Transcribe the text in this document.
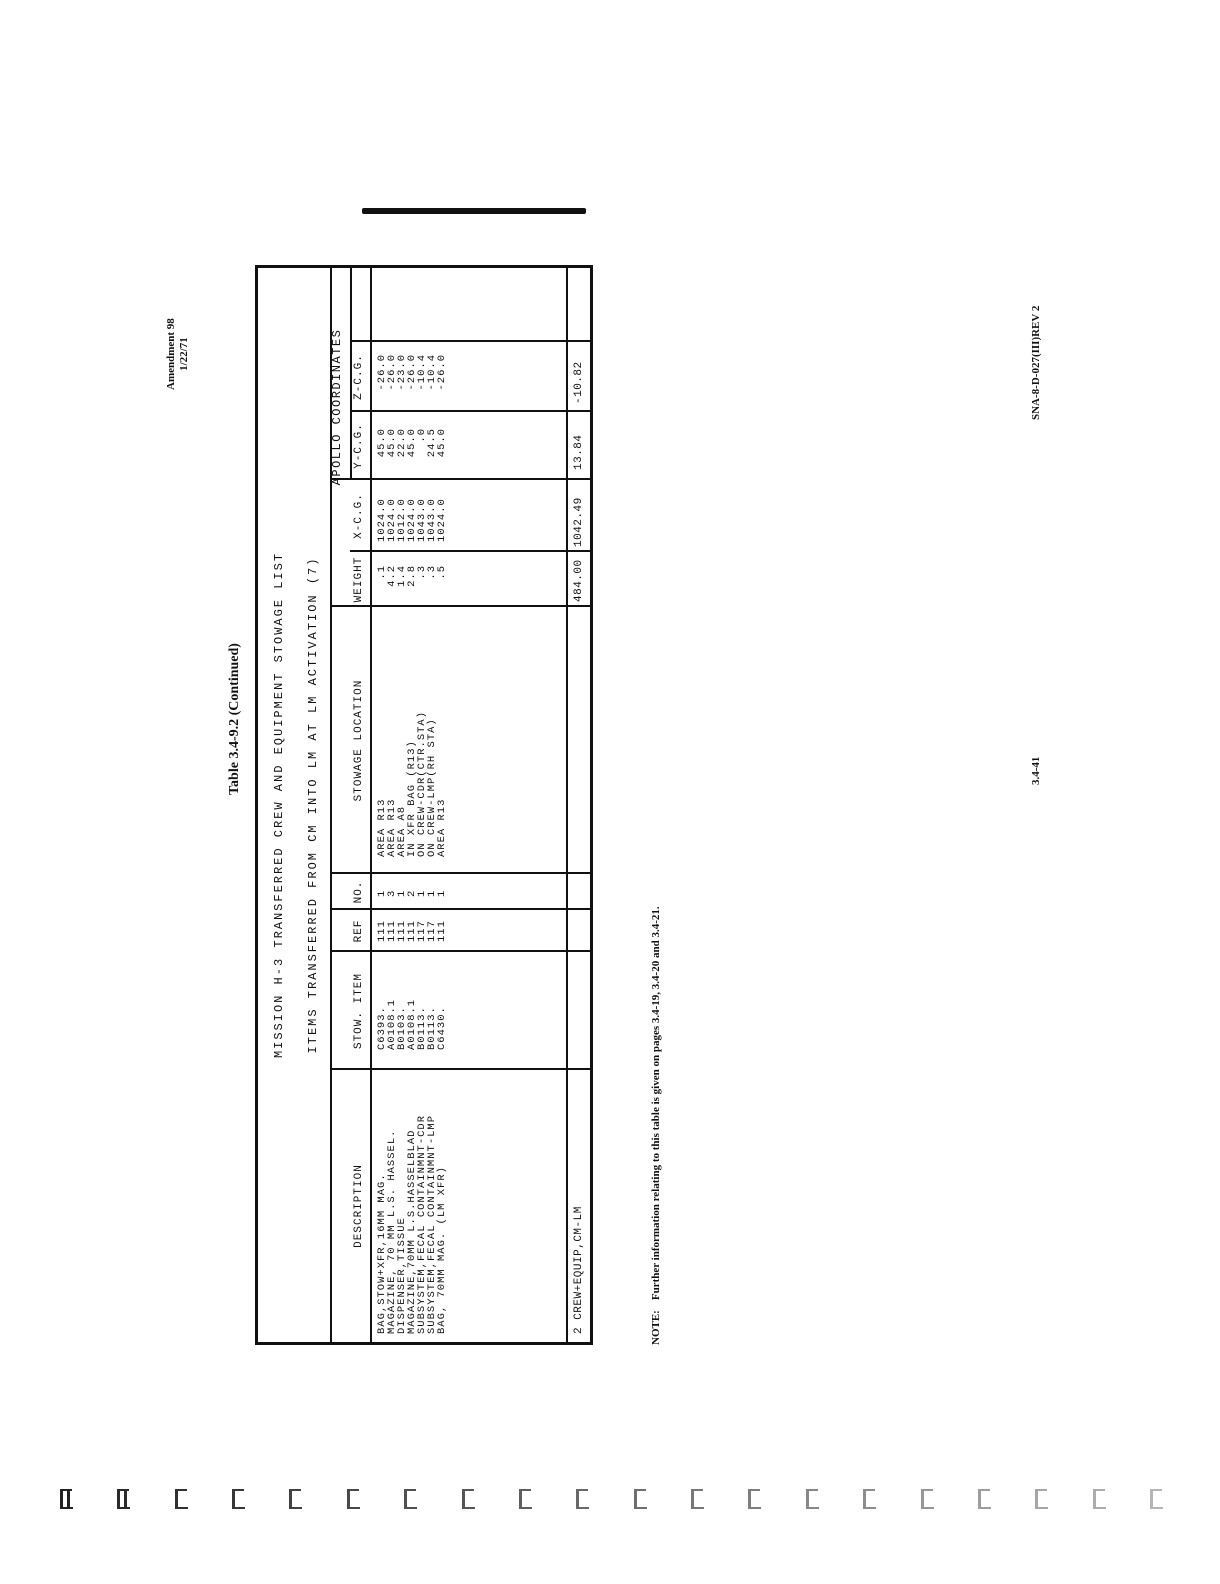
Table 3.4-9.2 (Continued)
Amendment 98 1/22/71
MISSION H-3 TRANSFERRED CREW AND EQUIPMENT STOWAGE LIST ITEMS TRANSFERRED FROM CM INTO LM AT LM ACTIVATION (7)
APOLLO COORDINATES
DESCRIPTION
STOW. ITEM
REF
NO.
STOWAGE LOCATION
WEIGHT
X-C.G.
Y-C.G.
Z-C.G.
BAG,STOW+XFR,16MM MAG.
C6393.
111
1
AREA R13
.1
1024.0
45.0
-26.0
MAGAZINE, 70 MM L.S. HASSEL.
A0108.1
111
3
AREA R13
4.2
1024.0
45.0
-26.0
DISPENSER,TISSUE
B0103.
111
1
AREA A8
1.4
1012.0
22.0
-23.0
MAGAZINE,70MM L.S.HASSELBLAD
A0108.1
111
2
IN XFR BAG (R13)
2.8
1024.0
45.0
-26.0
SUBSYSTEM,FECAL CONTAINMNT-CDR
B0113.
117
1
ON CREW-CDR(CTR.STA)
.3
1043.0
.0
-10.4
SUBSYSTEM,FECAL CONTAINMNT-LMP
B0113.
117
1
ON CREW-LMP(RH STA)
.3
1043.0
24.5
-10.4
BAG, 70MM MAG. (LM XFR)
C6430.
111
1
AREA R13
.5
1024.0
45.0
-26.0
2 CREW+EQUIP,CM-LM
484.00
1042.49
13.84
-10.82
NOTE:Further information relating to this table is given on pages 3.4-19, 3.4-20 and 3.4-21.
3.4-41
SNA-8-D-027(III)REV 2
